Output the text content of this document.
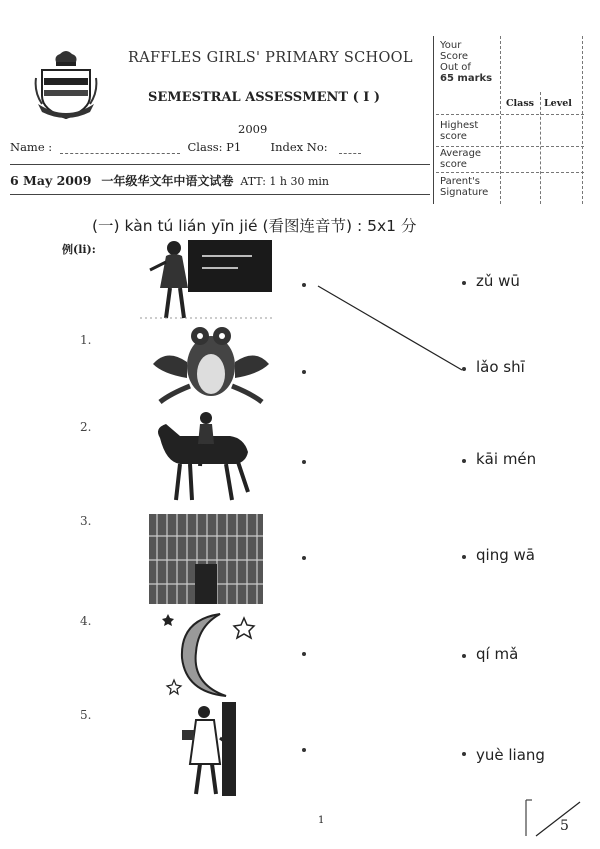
RAFFLES GIRLS' PRIMARY SCHOOL
SEMESTRAL ASSESSMENT ( I )
2009
Name :	Class: P1	Index No:
6 May 2009 一年级华文年中语文试卷 ATT: 1 h 30 min
Your
Score
Out of
65 marks
Class Level
Highest
score
Average
score
Parent's
Signature
(一) kàn tú lián yīn jié (看图连音节) : 5x1 分
例(li):
1.
2.
3.
4.
5.
zǔ wū
lǎo shī
kāi mén
qing wā
qí mǎ
yuè liang
1	5
